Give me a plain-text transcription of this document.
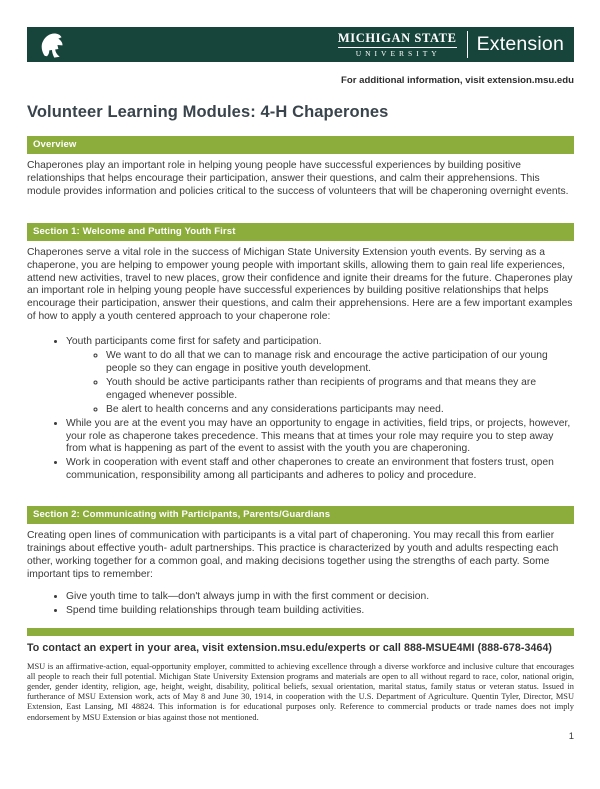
MICHIGAN STATE
UNIVERSITY	Extension
For additional information, visit extension.msu.edu
Volunteer Learning Modules: 4-H Chaperones
Overview

Chaperones play an important role in helping young people have successful experiences by building positive relationships that helps encourage their participation, answer their questions, and calm their apprehensions. This module provides information and policies critical to the success of volunteers that will be chaperoning overnight events.

Section 1: Welcome and Putting Youth First

Chaperones serve a vital role in the success of Michigan State University Extension youth events. By serving as a chaperone, you are helping to empower young people with important skills, allowing them to gain real life experiences, attend new activities, travel to new places, grow their confidence and ignite their dreams for the future. Chaperones play an important role in helping young people have successful experiences by building positive relationships that helps encourage their participation, answer their questions, and calm their apprehensions. Here are a few important examples of how to apply a youth centered approach to your chaperone role:

• Youth participants come first for safety and participation.
◦ We want to do all that we can to manage risk and encourage the active participation of our young people so they can engage in positive youth development.
◦ Youth should be active participants rather than recipients of programs and that means they are engaged whenever possible.
◦ Be alert to health concerns and any considerations participants may need.
• While you are at the event you may have an opportunity to engage in activities, field trips, or projects, however, your role as chaperone takes precedence. This means that at times your role may require you to step away from what is happening as part of the event to assist with the youth you are chaperoning.
• Work in cooperation with event staff and other chaperones to create an environment that fosters trust, open communication, responsibility among all participants and adheres to policy and procedure.
Section 2: Communicating with Participants, Parents/Guardians

Creating open lines of communication with participants is a vital part of chaperoning. You may recall this from earlier trainings about effective youth- adult partnerships. This practice is characterized by youth and adults respecting each other, working together for a common goal, and making decisions together using the strengths of each party. Some important tips to remember:

• Give youth time to talk—don't always jump in with the first comment or decision.
• Spend time building relationships through team building activities.
To contact an expert in your area, visit extension.msu.edu/experts or call 888-MSUE4MI (888-678-3464)

MSU is an affirmative-action, equal-opportunity employer, committed to achieving excellence through a diverse workforce and inclusive culture that encourages all people to reach their full potential. Michigan State University Extension programs and materials are open to all without regard to race, color, national origin, gender, gender identity, religion, age, height, weight, disability, political beliefs, sexual orientation, marital status, family status or veteran status. Issued in furtherance of MSU Extension work, acts of May 8 and June 30, 1914, in cooperation with the U.S. Department of Agriculture. Quentin Tyler, Director, MSU Extension, East Lansing, MI 48824. This information is for educational purposes only. Reference to commercial products or trade names does not imply endorsement by MSU Extension or bias against those not mentioned.

1
